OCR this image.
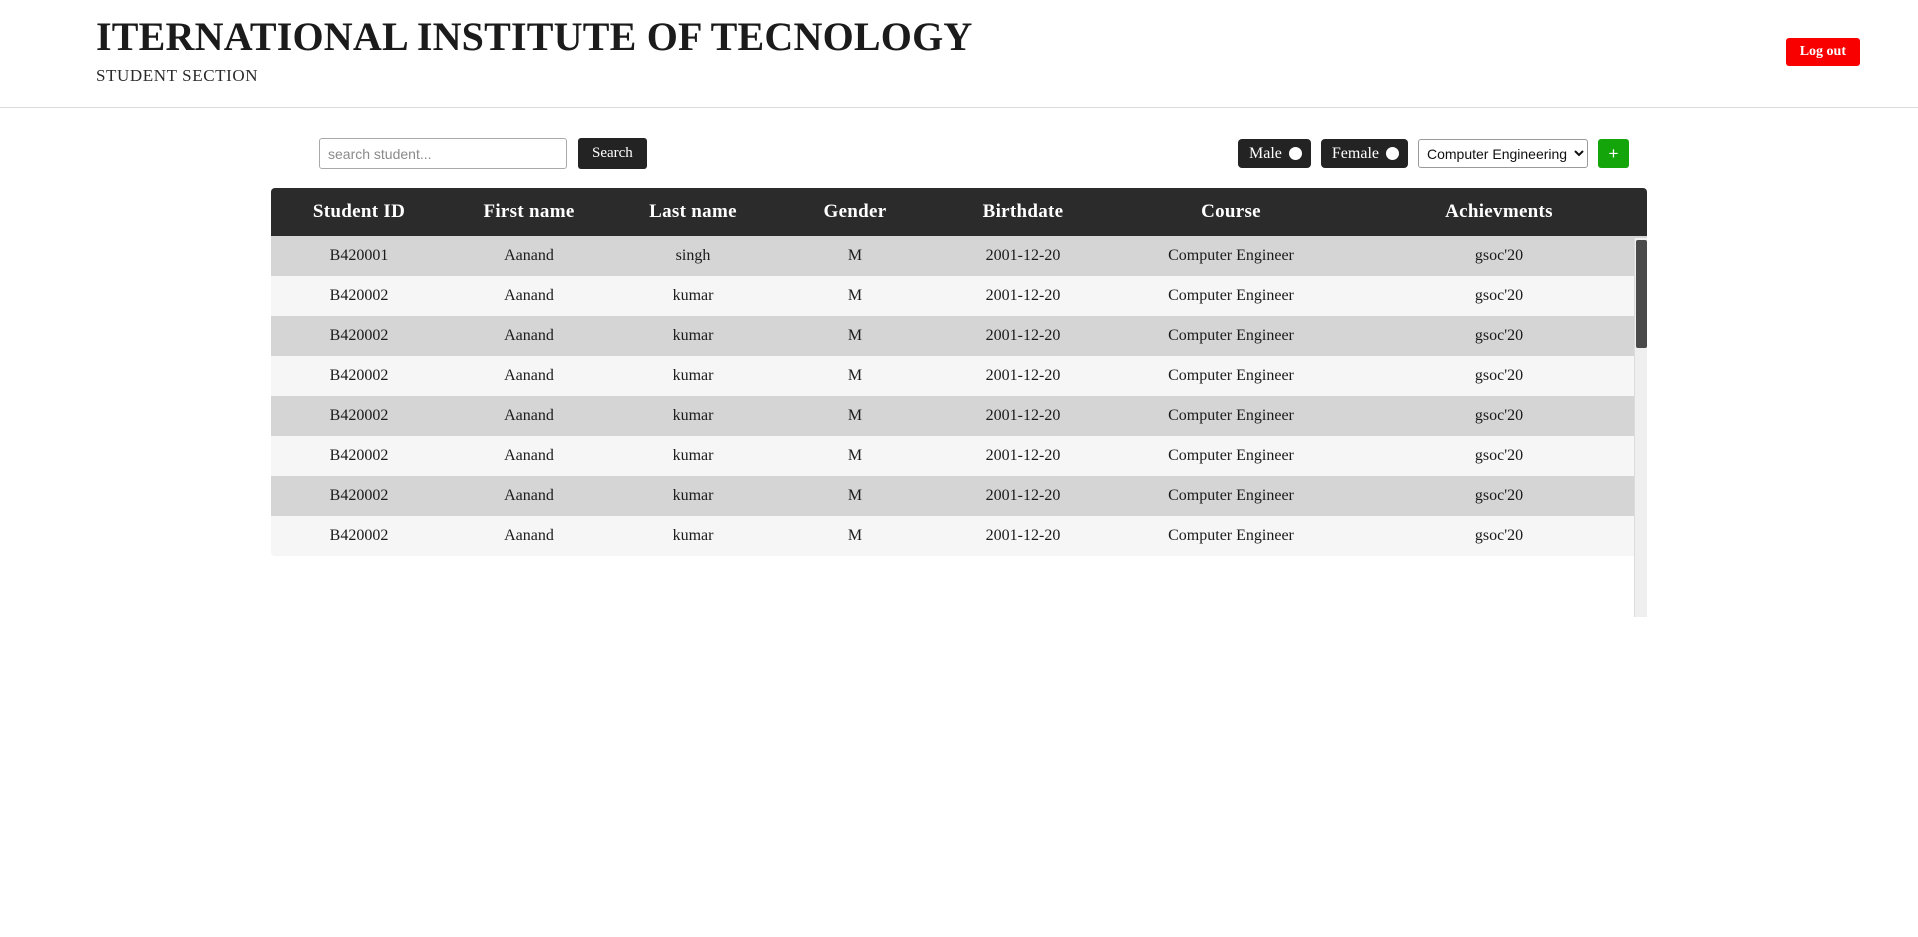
ITERNATIONAL INSTITUTE OF TECNOLOGY
STUDENT SECTION
Log out
search student...
Search	Male	Female
Computer Engineering	+
Student ID	First name	Last name	Gender	Birthdate	Course	Achievments
B420001	Aanand	singh	M	2001-12-20	Computer Engineer	gsoc'20
B420002	Aanand	kumar	M	2001-12-20	Computer Engineer	gsoc'20
B420002	Aanand	kumar	M	2001-12-20	Computer Engineer	gsoc'20
B420002	Aanand	kumar	M	2001-12-20	Computer Engineer	gsoc'20
B420002	Aanand	kumar	M	2001-12-20	Computer Engineer	gsoc'20
B420002	Aanand	kumar	M	2001-12-20	Computer Engineer	gsoc'20
B420002	Aanand	kumar	M	2001-12-20	Computer Engineer	gsoc'20
B420002	Aanand	kumar	M	2001-12-20	Computer Engineer	gsoc'20
